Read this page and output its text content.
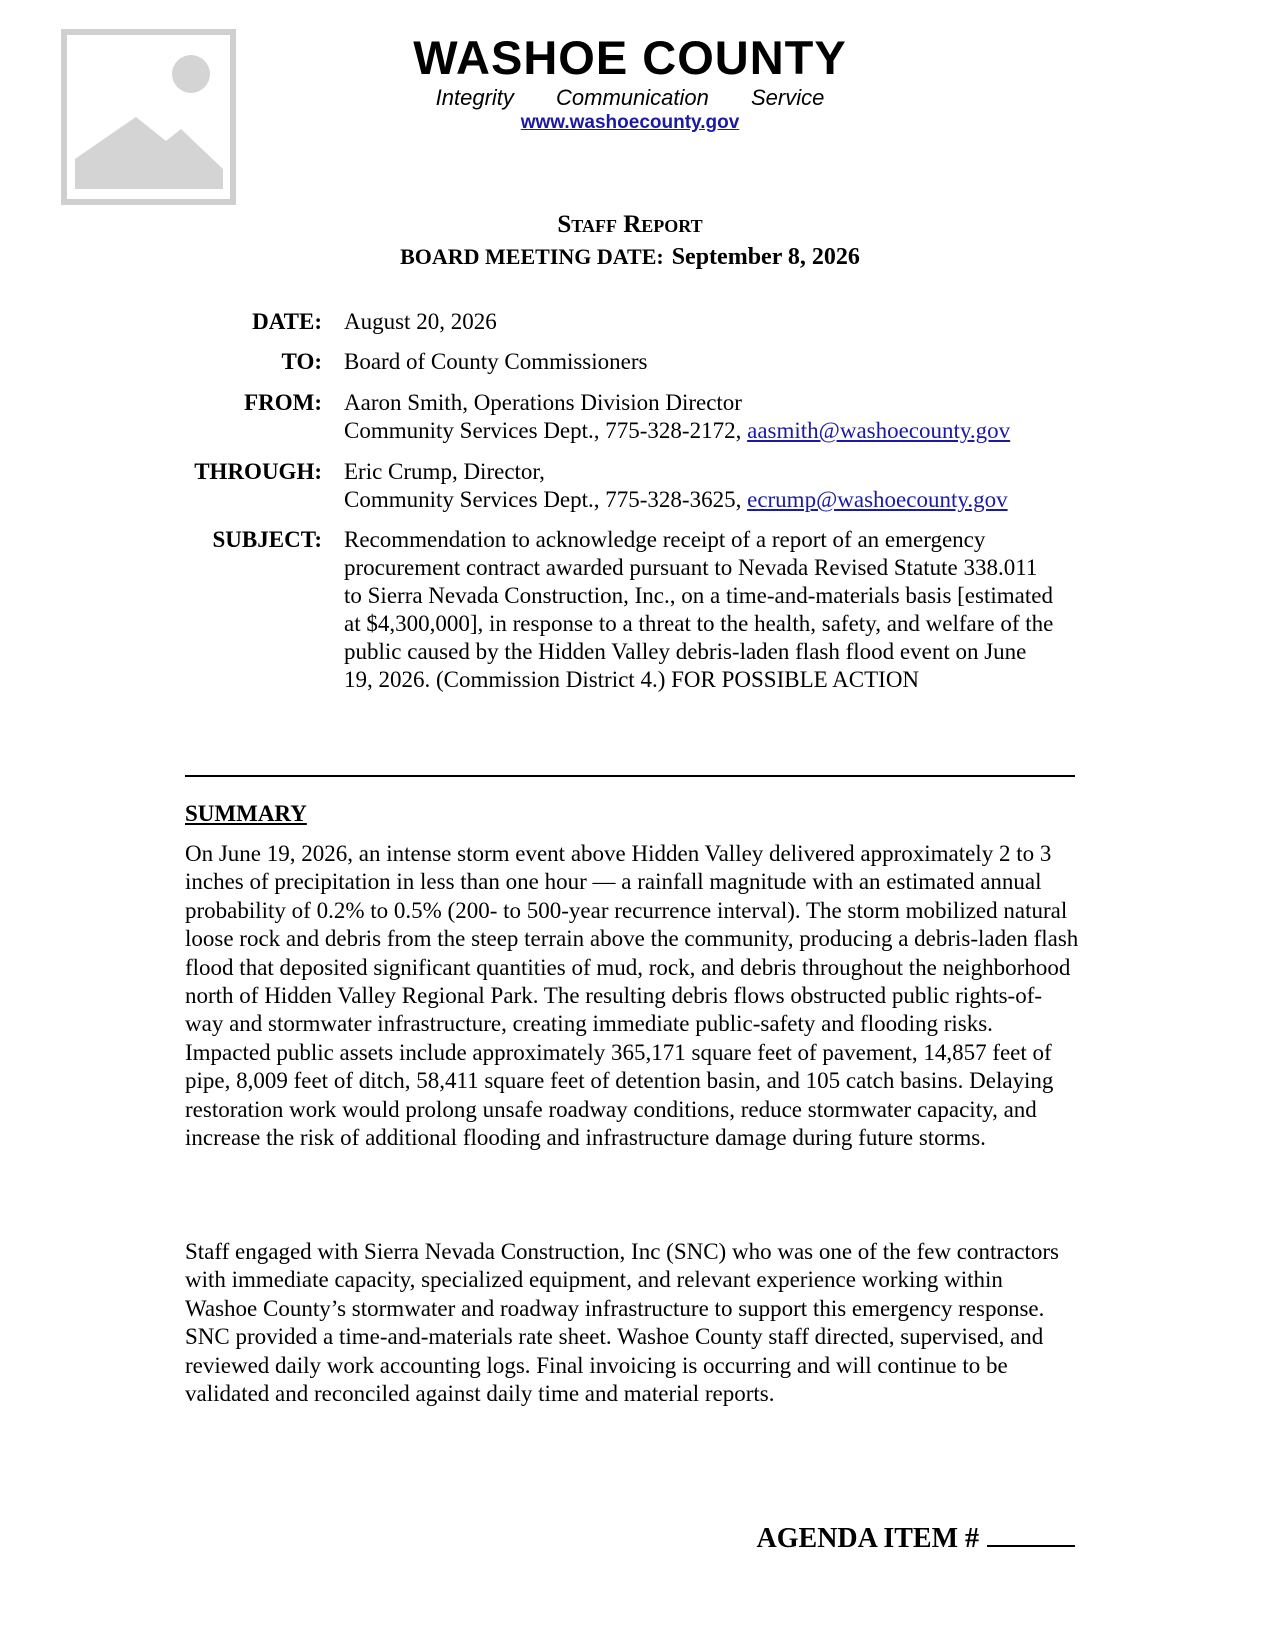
WASHOE COUNTY
Integrity Communication Service
www.washoecounty.gov
Staff Report
BOARD MEETING DATE: September 8, 2026
DATE: August 20, 2026
TO: Board of County Commissioners
FROM: Aaron Smith, Operations Division Director
Community Services Dept., 775-328-2172, aasmith@washoecounty.gov
THROUGH: Eric Crump, Director,
Community Services Dept., 775-328-3625, ecrump@washoecounty.gov
SUBJECT: Recommendation to acknowledge receipt of a report of an emergency procurement contract awarded pursuant to Nevada Revised Statute 338.011 to Sierra Nevada Construction, Inc., on a time-and-materials basis [estimated at $4,300,000], in response to a threat to the health, safety, and welfare of the public caused by the Hidden Valley debris-laden flash flood event on June 19, 2026. (Commission District 4.) FOR POSSIBLE ACTION
SUMMARY
On June 19, 2026, an intense storm event above Hidden Valley delivered approximately 2 to 3 inches of precipitation in less than one hour — a rainfall magnitude with an estimated annual probability of 0.2% to 0.5% (200- to 500-year recurrence interval). The storm mobilized natural loose rock and debris from the steep terrain above the community, producing a debris-laden flash flood that deposited significant quantities of mud, rock, and debris throughout the neighborhood north of Hidden Valley Regional Park. The resulting debris flows obstructed public rights-of-way and stormwater infrastructure, creating immediate public-safety and flooding risks. Impacted public assets include approximately 365,171 square feet of pavement, 14,857 feet of pipe, 8,009 feet of ditch, 58,411 square feet of detention basin, and 105 catch basins. Delaying restoration work would prolong unsafe roadway conditions, reduce stormwater capacity, and increase the risk of additional flooding and infrastructure damage during future storms.
Staff engaged with Sierra Nevada Construction, Inc (SNC) who was one of the few contractors with immediate capacity, specialized equipment, and relevant experience working within Washoe County’s stormwater and roadway infrastructure to support this emergency response. SNC provided a time-and-materials rate sheet. Washoe County staff directed, supervised, and reviewed daily work accounting logs. Final invoicing is occurring and will continue to be validated and reconciled against daily time and material reports.
AGENDA ITEM #
